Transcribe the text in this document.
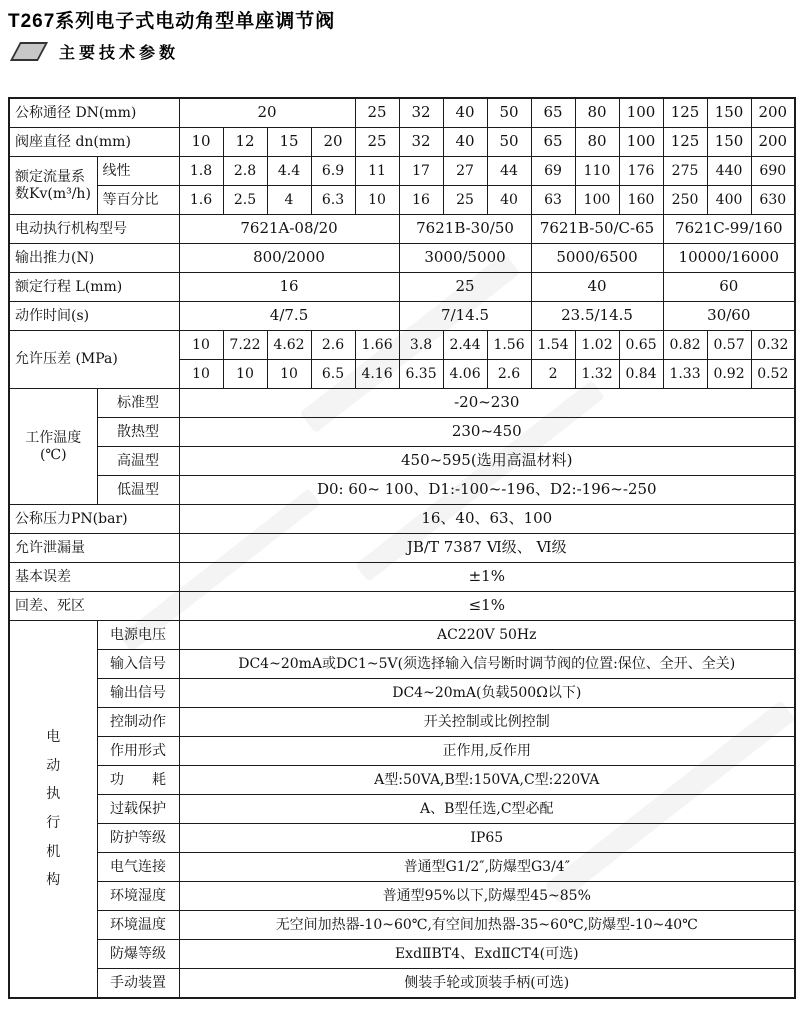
T267系列电子式电动角型单座调节阀
主要技术参数
公称通径 DN(mm)		20				25	32	40	50	65	80	100	125	150	200
阀座直径 dn(mm)		10	12	15	20	25	32	40	50	65	80	100	125	150	200
额定流量系数Kv(m³/h)	线性	1.8	2.8	4.4	6.9	11	17	27	44	69	110	176	275	440	690
	等百分比	1.6	2.5	4	6.3	10	16	25	40	63	100	160	250	400	630
电动执行机构型号		7621A-08/20					7621B-30/50			7621B-50/C-65			7621C-99/160		
输出推力(N)		800/2000					3000/5000			5000/6500			10000/16000		
额定行程 L(mm)		16					25			40			60		
动作时间(s)		4/7.5					7/14.5			23.5/14.5			30/60		
允许压差 (MPa)		10	7.22	4.62	2.6	1.66	3.8	2.44	1.56	1.54	1.02	0.65	0.82	0.57	0.32
		10	10	10	6.5	4.16	6.35	4.06	2.6	2	1.32	0.84	1.33	0.92	0.52

工作温度(℃)	标准型	-20~230													
	散热型	230~450													
	高温型	450~595(选用高温材料)													
	低温型	D0: 60~ 100、D1:-100~-196、D2:-196~-250													
公称压力PN(bar)		16、40、63、100													
允许泄漏量		JB/T 7387 Ⅵ级、 Ⅵ级													
基本误差		±1%													
回差、死区		≤1%													

电动执行机构	电源电压	AC220V 50Hz													
	输入信号	DC4~20mA或DC1~5V(须选择输入信号断时调节阀的位置:保位、全开、全关)													
	输出信号	DC4~20mA(负载500Ω以下)													
	控制动作	开关控制或比例控制													
	作用形式	正作用,反作用													
	功　　耗	A型:50VA,B型:150VA,C型:220VA													
	过载保护	A、B型任选,C型必配													
	防护等级	IP65													
	电气连接	普通型G1/2″,防爆型G3/4″													
	环境湿度	普通型95%以下,防爆型45~85%													
	环境温度	无空间加热器-10~60℃,有空间加热器-35~60℃,防爆型-10~40℃													
	防爆等级	ExdⅡBT4、ExdⅡCT4(可选)													
	手动装置	侧装手轮或顶装手柄(可选)													
